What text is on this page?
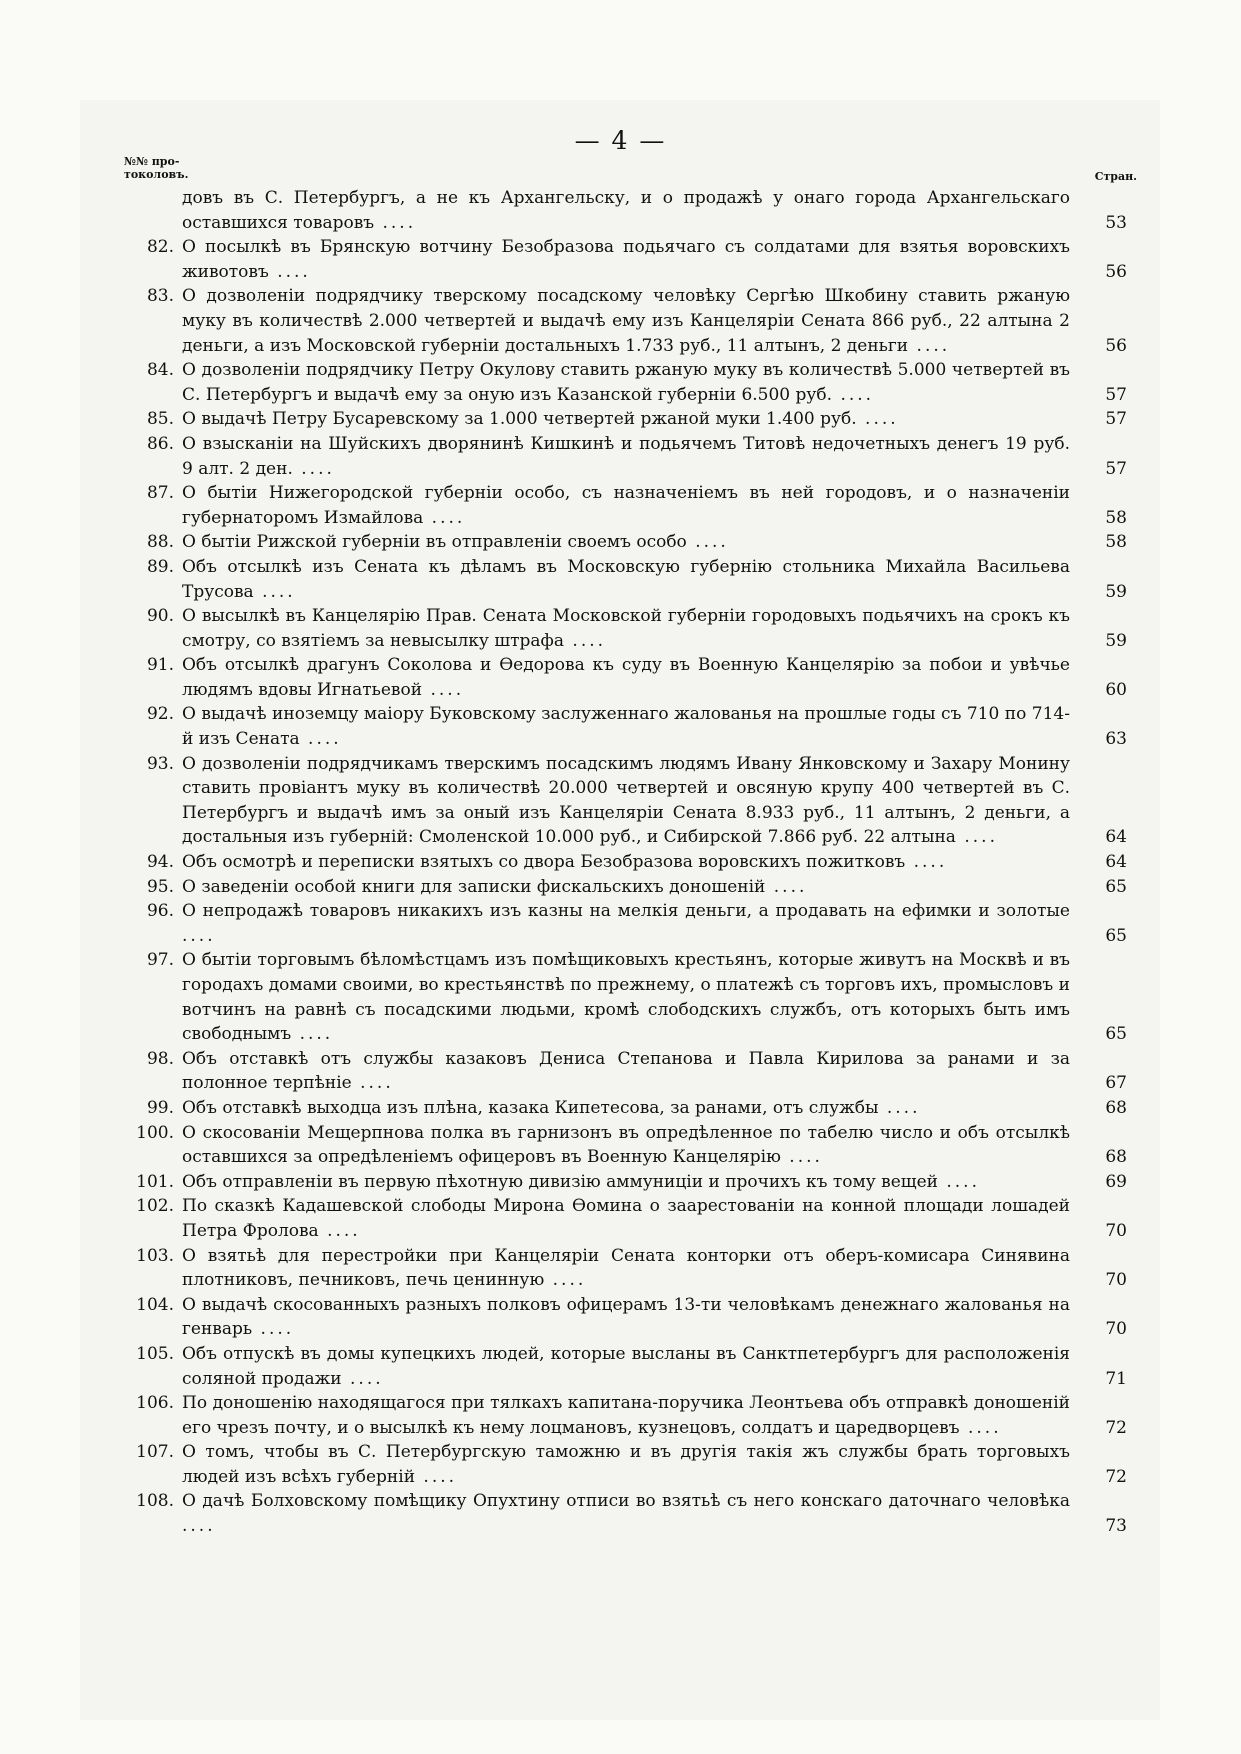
— 4 —
№№ про-
токоловъ.	Стран.
довъ въ С. Петербургъ, а не къ Архангельску, и о продажѣ у онаго города Архангельскаго оставшихся товаровъ ....	53
82. О посылкѣ въ Брянскую вотчину Безобразова подьячаго съ солдатами для взятья воровскихъ животовъ ....	56
83. О дозволеніи подрядчику тверскому посадскому человѣку Сергѣю Шкобину ставить ржаную муку въ количествѣ 2.000 четвертей и выдачѣ ему изъ Канцеляріи Сената 866 руб., 22 алтына 2 деньги, а изъ Московской губерніи достальныхъ 1.733 руб., 11 алтынъ, 2 деньги ....	56
84. О дозволеніи подрядчику Петру Окулову ставить ржаную муку въ количествѣ 5.000 четвертей въ С. Петербургъ и выдачѣ ему за оную изъ Казанской губерніи 6.500 руб. ....	57
85. О выдачѣ Петру Бусаревскому за 1.000 четвертей ржаной муки 1.400 руб. ....	57
86. О взысканіи на Шуйскихъ дворянинѣ Кишкинѣ и подьячемъ Титовѣ недочетныхъ денегъ 19 руб. 9 алт. 2 ден. ....	57
87. О бытіи Нижегородской губерніи особо, съ назначеніемъ въ ней городовъ, и о назначеніи губернаторомъ Измайлова ....	58
88. О бытіи Рижской губерніи въ отправленіи своемъ особо ....	58
89. Объ отсылкѣ изъ Сената къ дѣламъ въ Московскую губернію стольника Михайла Васильева Трусова ....	59
90. О высылкѣ въ Канцелярію Прав. Сената Московской губерніи городовыхъ подьячихъ на срокъ къ смотру, со взятіемъ за невысылку штрафа ....	59
91. Объ отсылкѣ драгунъ Соколова и Ѳедорова къ суду въ Военную Канцелярію за побои и увѣчье людямъ вдовы Игнатьевой ....	60
92. О выдачѣ иноземцу маіору Буковскому заслуженнаго жалованья на прошлые годы съ 710 по 714-й изъ Сената ....	63
93. О дозволеніи подрядчикамъ тверскимъ посадскимъ людямъ Ивану Янковскому и Захару Монину ставить провіантъ муку въ количествѣ 20.000 четвертей и овсяную крупу 400 четвертей въ С. Петербургъ и выдачѣ имъ за оный изъ Канцеляріи Сената 8.933 руб., 11 алтынъ, 2 деньги, а достальныя изъ губерній: Смоленской 10.000 руб., и Сибирской 7.866 руб. 22 алтына ....	64
94. Объ осмотрѣ и переписки взятыхъ со двора Безобразова воровскихъ пожитковъ ....	64
95. О заведеніи особой книги для записки фискальскихъ доношеній ....	65
96. О непродажѣ товаровъ никакихъ изъ казны на мелкія деньги, а продавать на ефимки и золотые ....	65
97. О бытіи торговымъ бѣломѣстцамъ изъ помѣщиковыхъ крестьянъ, которые живутъ на Москвѣ и въ городахъ домами своими, во крестьянствѣ по прежнему, о платежѣ съ торговъ ихъ, промысловъ и вотчинъ на равнѣ съ посадскими людьми, кромѣ слободскихъ службъ, отъ которыхъ быть имъ свободнымъ ....	65
98. Объ отставкѣ отъ службы казаковъ Дениса Степанова и Павла Кирилова за ранами и за полонное терпѣніе ....	67
99. Объ отставкѣ выходца изъ плѣна, казака Кипетесова, за ранами, отъ службы ....	68
100. О скосованіи Мещерпнова полка въ гарнизонъ въ опредѣленное по табелю число и объ отсылкѣ оставшихся за опредѣленіемъ офицеровъ въ Военную Канцелярію ....	68
101. Объ отправленіи въ первую пѣхотную дивизію аммуниціи и прочихъ къ тому вещей ....	69
102. По сказкѣ Кадашевской слободы Мирона Ѳомина о заарестованіи на конной площади лошадей Петра Фролова ....	70
103. О взятьѣ для перестройки при Канцеляріи Сената конторки отъ оберъ-комисара Синявина плотниковъ, печниковъ, печь ценинную ....	70
104. О выдачѣ скосованныхъ разныхъ полковъ офицерамъ 13-ти человѣкамъ денежнаго жалованья на генварь ....	70
105. Объ отпускѣ въ домы купецкихъ людей, которые высланы въ Санктпетербургъ для расположенія соляной продажи ....	71
106. По доношенію находящагося при тялкахъ капитана-поручика Леонтьева объ отправкѣ доношеній его чрезъ почту, и о высылкѣ къ нему лоцмановъ, кузнецовъ, солдатъ и царедворцевъ ....	72
107. О томъ, чтобы въ С. Петербургскую таможню и въ другія такія жъ службы брать торговыхъ людей изъ всѣхъ губерній ....	72
108. О дачѣ Болховскому помѣщику Опухтину отписи во взятьѣ съ него конскаго даточнаго человѣка ....	73
